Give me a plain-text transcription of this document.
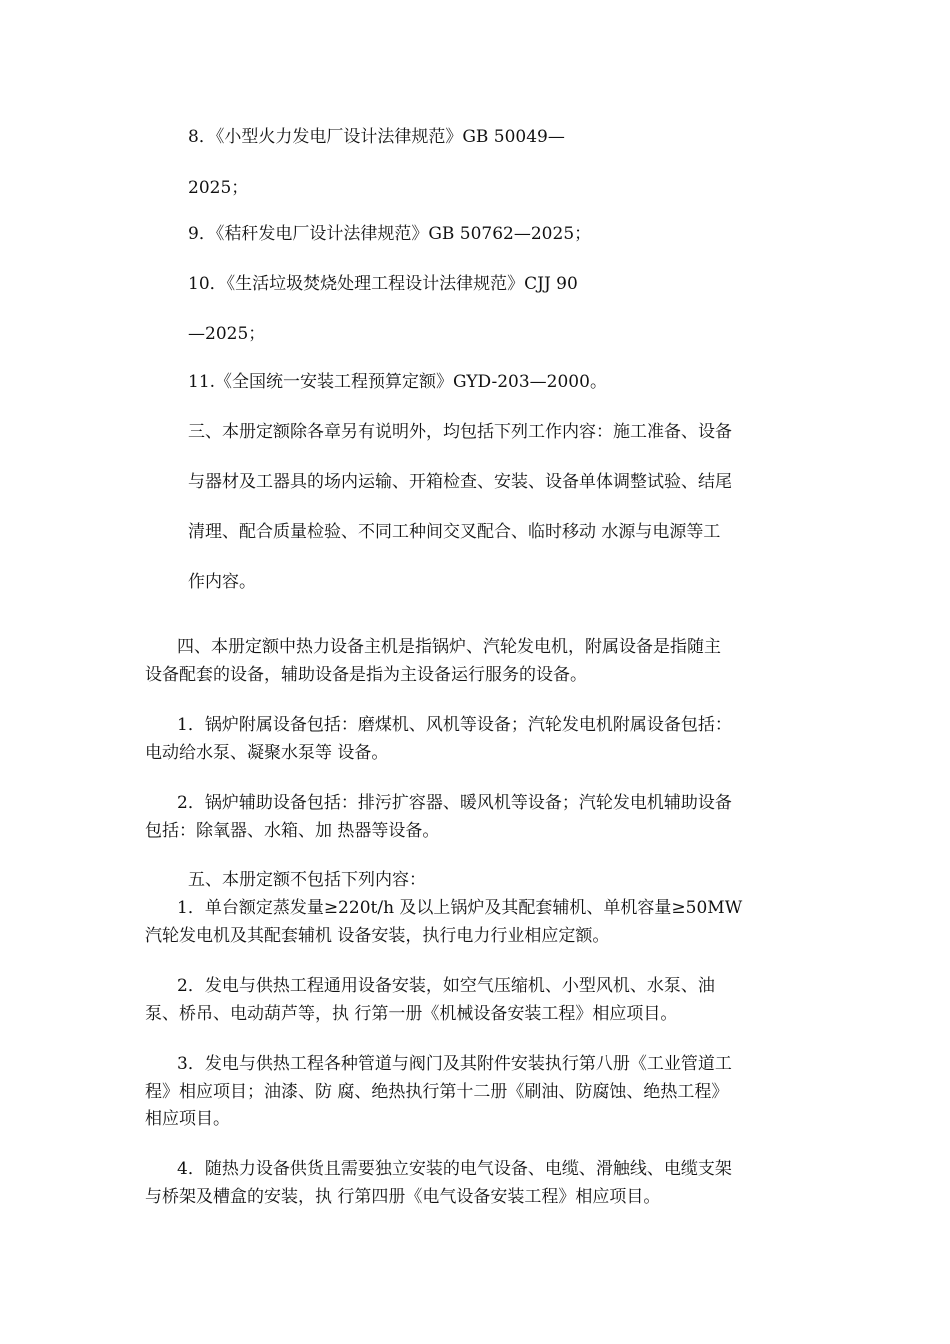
8．《小型火力发电厂设计法律规范》GB 50049—

2025；

9．《秸秆发电厂设计法律规范》GB 50762—2025；

10．《生活垃圾焚烧处理工程设计法律规范》CJJ 90

—2025；

11.《全国统一安装工程预算定额》GYD-203—2000。

三、本册定额除各章另有说明外，均包括下列工作内容：施工准备、设备

与器材及工器具的场内运输、开箱检查、安装、设备单体调整试验、结尾

清理、配合质量检验、不同工种间交叉配合、临时移动 水源与电源等工

作内容。

四、本册定额中热力设备主机是指锅炉、汽轮发电机，附属设备是指随主

设备配套的设备，辅助设备是指为主设备运行服务的设备。

1．锅炉附属设备包括：磨煤机、风机等设备；汽轮发电机附属设备包括：

电动给水泵、凝聚水泵等 设备。

2．锅炉辅助设备包括：排污扩容器、暖风机等设备；汽轮发电机辅助设备

包括：除氧器、水箱、加 热器等设备。

五、本册定额不包括下列内容：

1．单台额定蒸发量≥220t/h 及以上锅炉及其配套辅机、单机容量≥50MW

汽轮发电机及其配套辅机 设备安装，执行电力行业相应定额。

2．发电与供热工程通用设备安装，如空气压缩机、小型风机、水泵、油

泵、桥吊、电动葫芦等，执 行第一册《机械设备安装工程》相应项目。

3．发电与供热工程各种管道与阀门及其附件安装执行第八册《工业管道工

程》相应项目；油漆、防 腐、绝热执行第十二册《刷油、防腐蚀、绝热工程》

相应项目。

4．随热力设备供货且需要独立安装的电气设备、电缆、滑触线、电缆支架

与桥架及槽盒的安装，执 行第四册《电气设备安装工程》相应项目。
